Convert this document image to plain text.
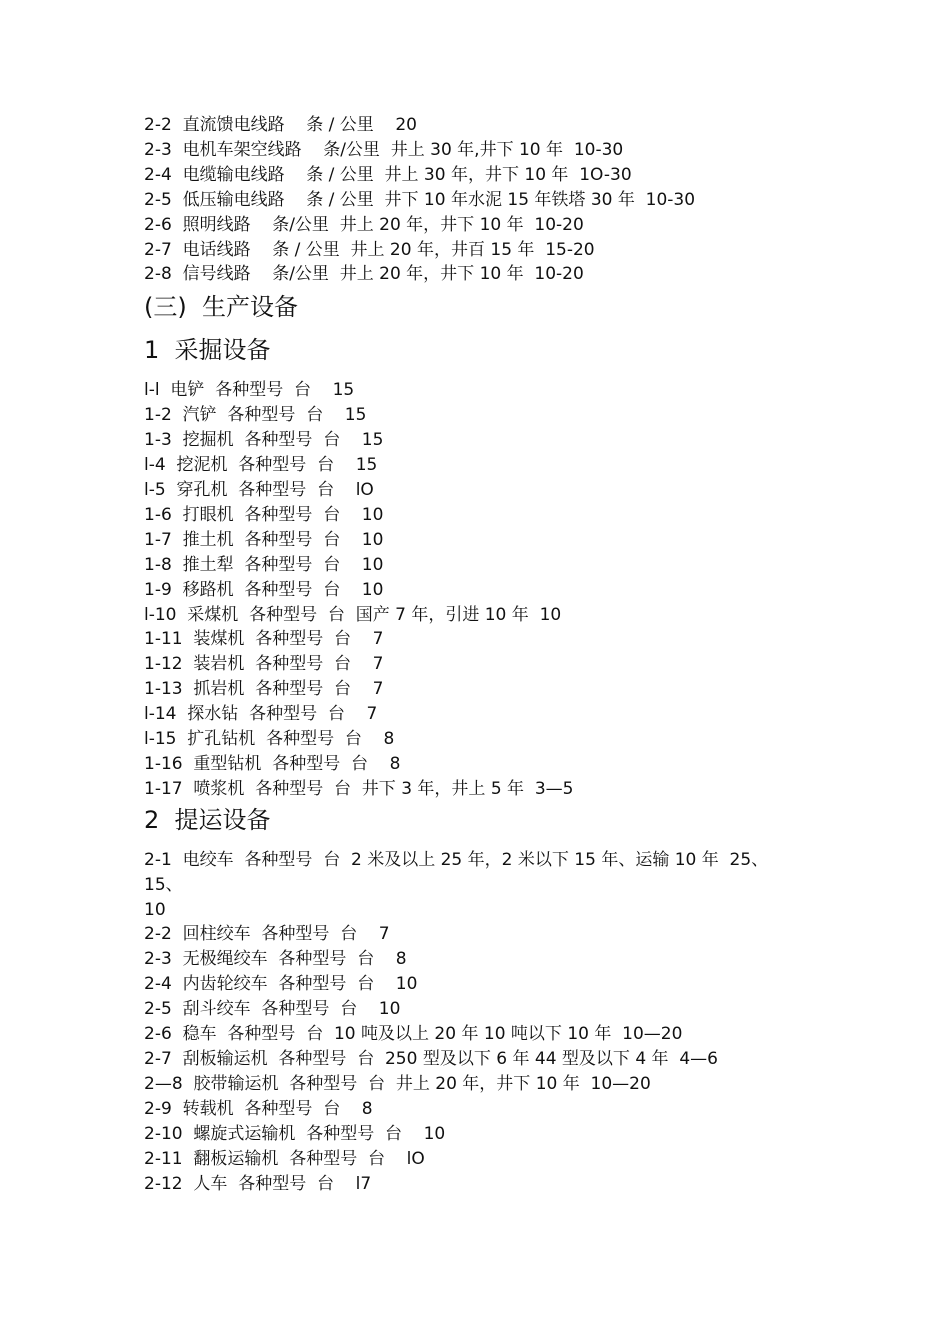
2-2  直流馈电线路    条 / 公里    20

2-3  电机车架空线路    条/公里  井上 30 年,井下 10 年  10-30

2-4  电缆输电线路    条 / 公里  井上 30 年，井下 10 年  1O-30

2-5  低压输电线路    条 / 公里  井下 10 年水泥 15 年铁塔 30 年  10-30

2-6  照明线路    条/公里  井上 20 年，井下 10 年  10-20

2-7  电话线路    条 / 公里  井上 20 年，井百 15 年  15-20

2-8  信号线路    条/公里  井上 20 年，井下 10 年  10-20

(三)  生产设备
1  采掘设备

l-l  电铲  各种型号  台    15

1-2  汽铲  各种型号  台    15

1-3  挖掘机  各种型号  台    15

l-4  挖泥机  各种型号  台    15

l-5  穿孔机  各种型号  台    lO

1-6  打眼机  各种型号  台    10

1-7  推土机  各种型号  台    10

1-8  推土犁  各种型号  台    10

1-9  移路机  各种型号  台    10

l-10  采煤机  各种型号  台  国产 7 年，引进 10 年  10

1-11  装煤机  各种型号  台    7

1-12  装岩机  各种型号  台    7

1-13  抓岩机  各种型号  台    7

l-14  探水钻  各种型号  台    7

l-15  扩孔钻机  各种型号  台    8

1-16  重型钻机  各种型号  台    8

1-17  喷浆机  各种型号  台  井下 3 年，井上 5 年  3—5

2  提运设备

2-1  电绞车  各种型号  台  2 米及以上 25 年，2 米以下 15 年、运输 10 年  25、

15、

10

2-2  回柱绞车  各种型号  台    7

2-3  无极绳绞车  各种型号  台    8

2-4  内齿轮绞车  各种型号  台    10

2-5  刮斗绞车  各种型号  台    10

2-6  稳车  各种型号  台  10 吨及以上 20 年 10 吨以下 10 年  10—20

2-7  刮板输运机  各种型号  台  250 型及以下 6 年 44 型及以下 4 年  4—6

2—8  胶带输运机  各种型号  台  井上 20 年，井下 10 年  10—20

2-9  转载机  各种型号  台    8

2-10  螺旋式运输机  各种型号  台    10

2-11  翻板运输机  各种型号  台    lO

2-12  人车  各种型号  台    l7
